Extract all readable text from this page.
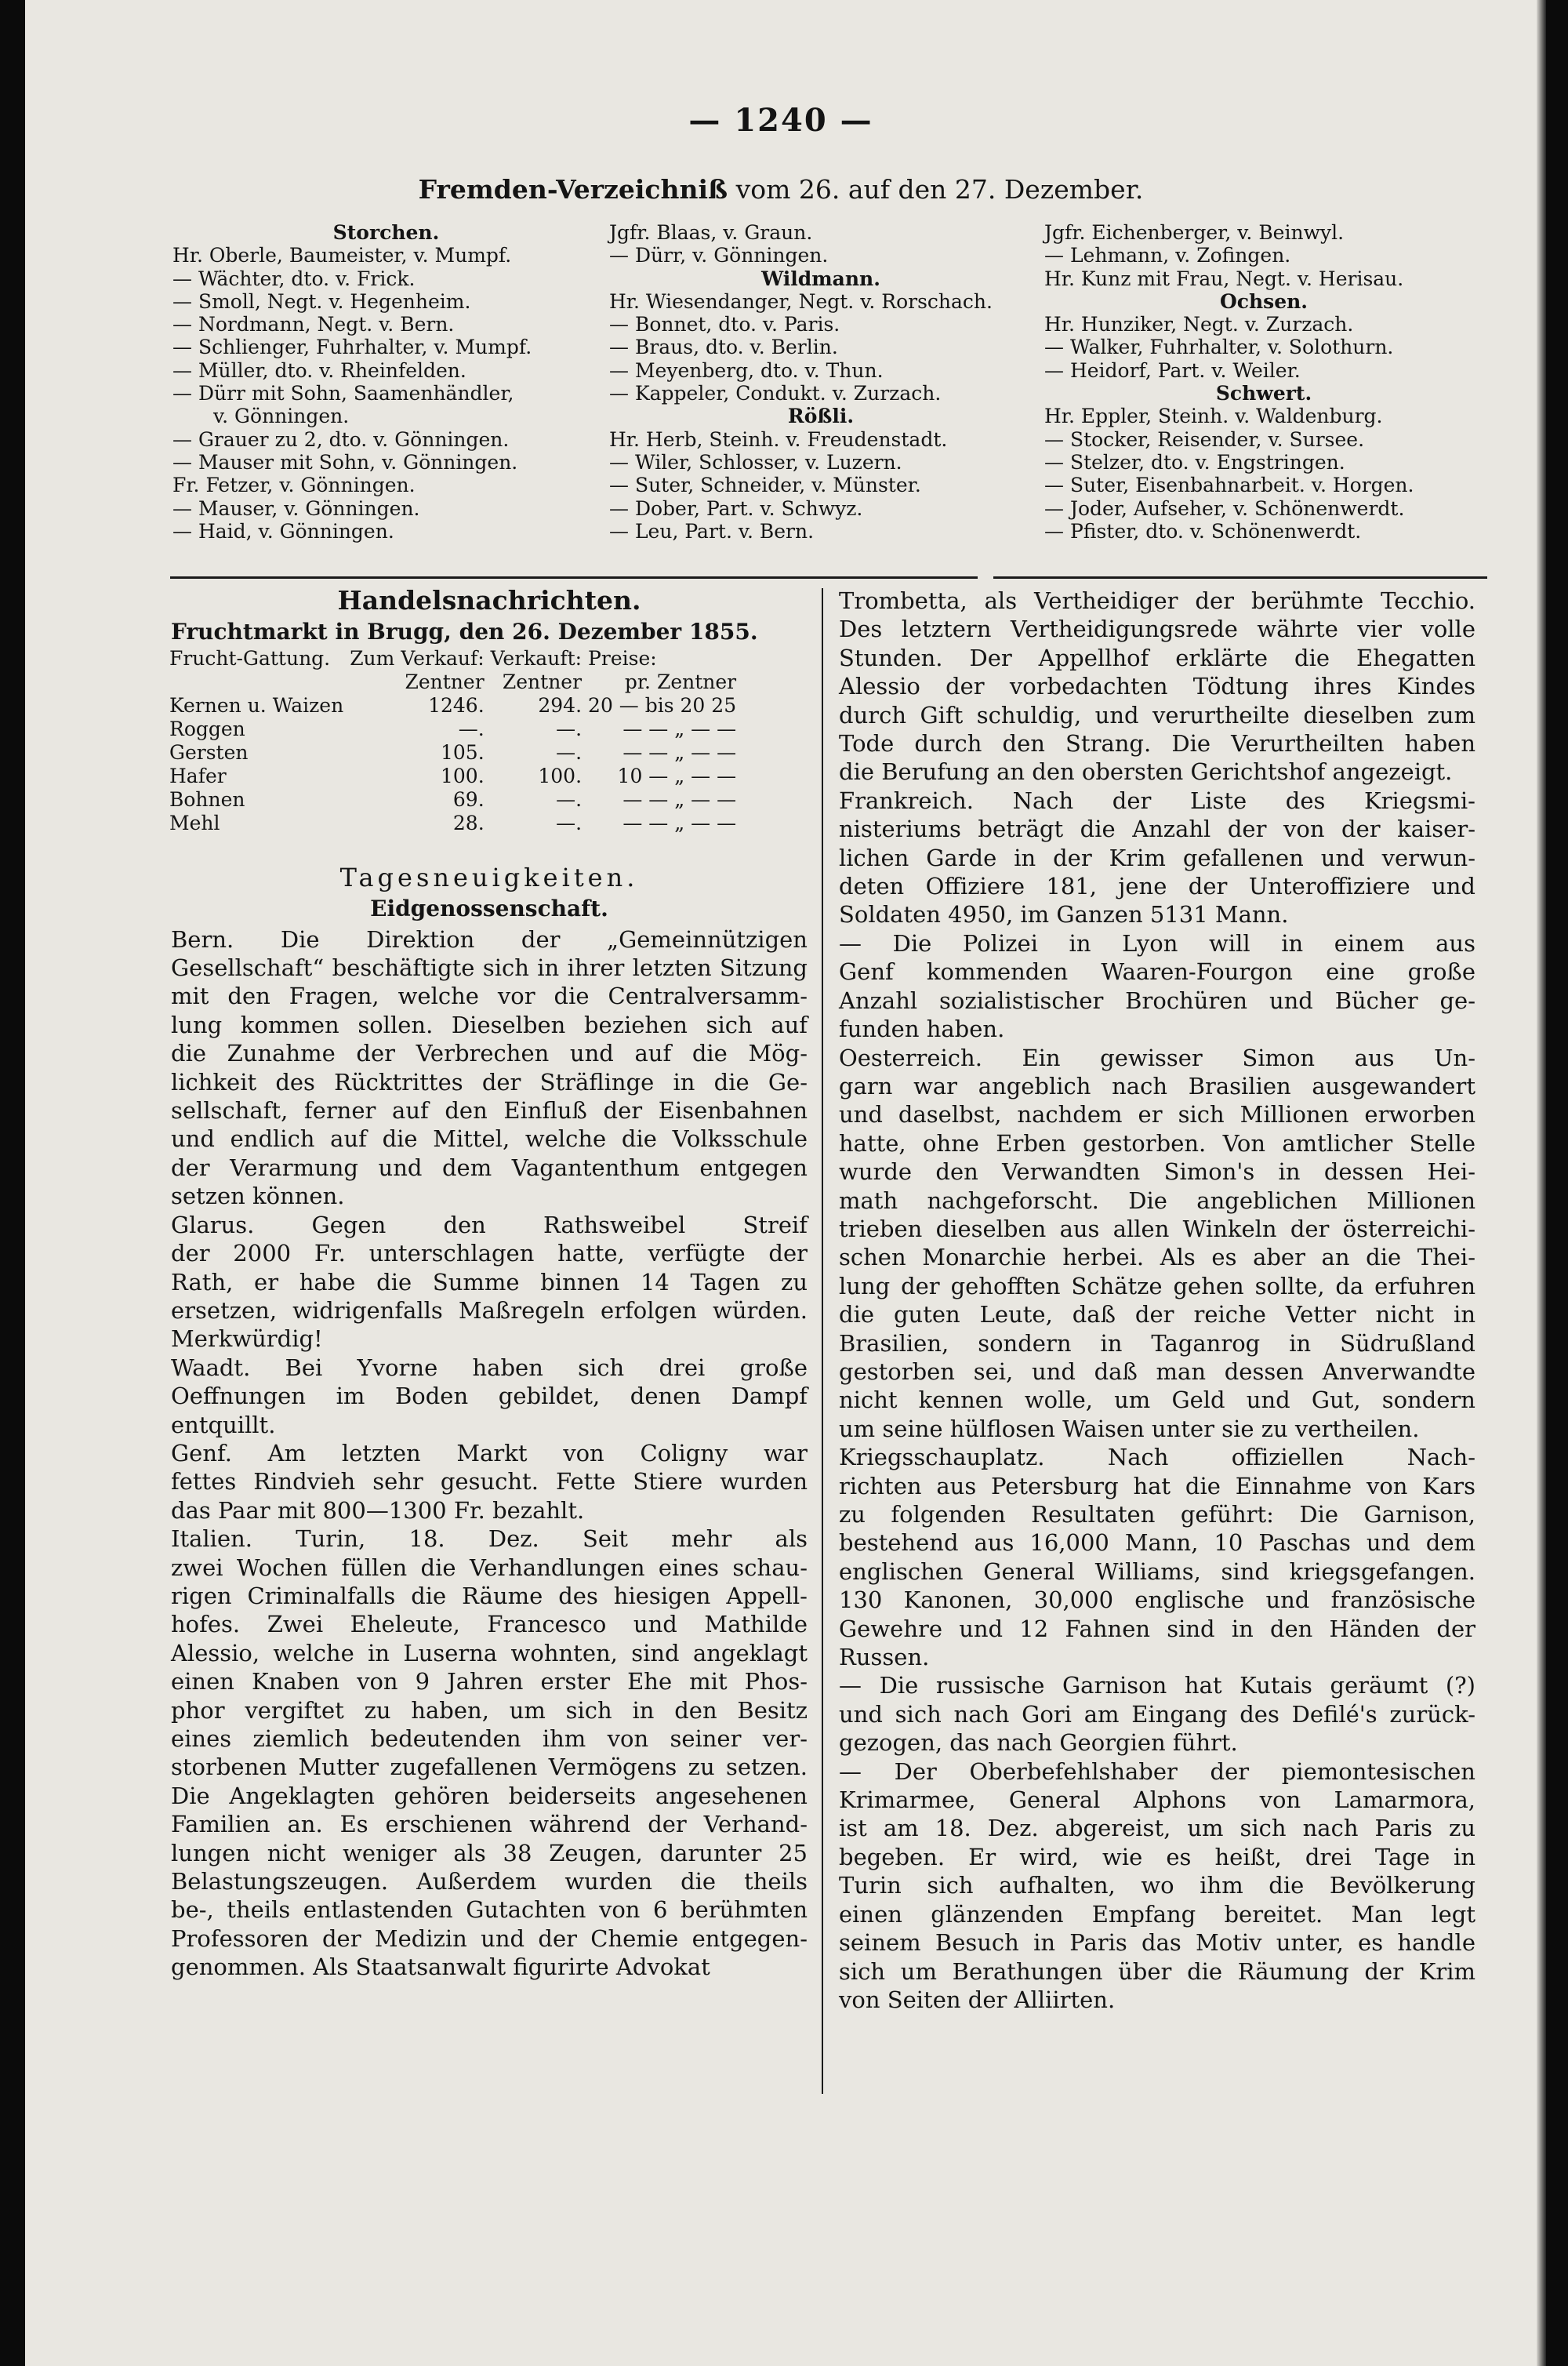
— 1240 —
Fremden-Verzeichniß vom 26. auf den 27. Dezember.
Storchen.
Hr. Oberle, Baumeister, v. Mumpf.
— Wächter, dto. v. Frick.
— Smoll, Negt. v. Hegenheim.
— Nordmann, Negt. v. Bern.
— Schlienger, Fuhrhalter, v. Mumpf.
— Müller, dto. v. Rheinfelden.
— Dürr mit Sohn, Saamenhändler,
v. Gönningen.
— Grauer zu 2, dto. v. Gönningen.
— Mauser mit Sohn, v. Gönningen.
Fr. Fetzer, v. Gönningen.
— Mauser, v. Gönningen.
— Haid, v. Gönningen.
Jgfr. Blaas, v. Graun.
— Dürr, v. Gönningen.
Wildmann.
Hr. Wiesendanger, Negt. v. Rorschach.
— Bonnet, dto. v. Paris.
— Braus, dto. v. Berlin.
— Meyenberg, dto. v. Thun.
— Kappeler, Condukt. v. Zurzach.
Rößli.
Hr. Herb, Steinh. v. Freudenstadt.
— Wiler, Schlosser, v. Luzern.
— Suter, Schneider, v. Münster.
— Dober, Part. v. Schwyz.
— Leu, Part. v. Bern.
Jgfr. Eichenberger, v. Beinwyl.
— Lehmann, v. Zofingen.
Hr. Kunz mit Frau, Negt. v. Herisau.
Ochsen.
Hr. Hunziker, Negt. v. Zurzach.
— Walker, Fuhrhalter, v. Solothurn.
— Heidorf, Part. v. Weiler.
Schwert.
Hr. Eppler, Steinh. v. Waldenburg.
— Stocker, Reisender, v. Sursee.
— Stelzer, dto. v. Engstringen.
— Suter, Eisenbahnarbeit. v. Horgen.
— Joder, Aufseher, v. Schönenwerdt.
— Pfister, dto. v. Schönenwerdt.
Handelsnachrichten.
Fruchtmarkt in Brugg, den 26. Dezember 1855.
Frucht-Gattung.	Zum Verkauf:	Verkauft:	Preise:
	Zentner	Zentner	pr. Zentner
Kernen u. Waizen	1246.	294.	20 — bis 20 25
Roggen	—.	—.	— — „ — —
Gersten	105.	—.	— — „ — —
Hafer	100.	100.	10 — „ — —
Bohnen	69.	—.	— — „ — —
Mehl	28.	—.	— — „ — —
Tagesneuigkeiten.
Eidgenossenschaft.
Bern. Die Direktion der „Gemeinnützigen
Gesellschaft“ beschäftigte sich in ihrer letzten Sitzung
mit den Fragen, welche vor die Centralversamm-
lung kommen sollen. Dieselben beziehen sich auf
die Zunahme der Verbrechen und auf die Mög-
lichkeit des Rücktrittes der Sträflinge in die Ge-
sellschaft, ferner auf den Einfluß der Eisenbahnen
und endlich auf die Mittel, welche die Volksschule
der Verarmung und dem Vagantenthum entgegen
setzen können.
Glarus. Gegen den Rathsweibel Streif
der 2000 Fr. unterschlagen hatte, verfügte der
Rath, er habe die Summe binnen 14 Tagen zu
ersetzen, widrigenfalls Maßregeln erfolgen würden.
Merkwürdig!
Waadt. Bei Yvorne haben sich drei große
Oeffnungen im Boden gebildet, denen Dampf
entquillt.
Genf. Am letzten Markt von Coligny war
fettes Rindvieh sehr gesucht. Fette Stiere wurden
das Paar mit 800—1300 Fr. bezahlt.
Italien. Turin, 18. Dez. Seit mehr als
zwei Wochen füllen die Verhandlungen eines schau-
rigen Criminalfalls die Räume des hiesigen Appell-
hofes. Zwei Eheleute, Francesco und Mathilde
Alessio, welche in Luserna wohnten, sind angeklagt
einen Knaben von 9 Jahren erster Ehe mit Phos-
phor vergiftet zu haben, um sich in den Besitz
eines ziemlich bedeutenden ihm von seiner ver-
storbenen Mutter zugefallenen Vermögens zu setzen.
Die Angeklagten gehören beiderseits angesehenen
Familien an. Es erschienen während der Verhand-
lungen nicht weniger als 38 Zeugen, darunter 25
Belastungszeugen. Außerdem wurden die theils
be-, theils entlastenden Gutachten von 6 berühmten
Professoren der Medizin und der Chemie entgegen-
genommen. Als Staatsanwalt figurirte Advokat
Trombetta, als Vertheidiger der berühmte Tecchio.
Des letztern Vertheidigungsrede währte vier volle
Stunden. Der Appellhof erklärte die Ehegatten
Alessio der vorbedachten Tödtung ihres Kindes
durch Gift schuldig, und verurtheilte dieselben zum
Tode durch den Strang. Die Verurtheilten haben
die Berufung an den obersten Gerichtshof angezeigt.
Frankreich. Nach der Liste des Kriegsmi-
nisteriums beträgt die Anzahl der von der kaiser-
lichen Garde in der Krim gefallenen und verwun-
deten Offiziere 181, jene der Unteroffiziere und
Soldaten 4950, im Ganzen 5131 Mann.
— Die Polizei in Lyon will in einem aus
Genf kommenden Waaren-Fourgon eine große
Anzahl sozialistischer Brochüren und Bücher ge-
funden haben.
Oesterreich. Ein gewisser Simon aus Un-
garn war angeblich nach Brasilien ausgewandert
und daselbst, nachdem er sich Millionen erworben
hatte, ohne Erben gestorben. Von amtlicher Stelle
wurde den Verwandten Simon's in dessen Hei-
math nachgeforscht. Die angeblichen Millionen
trieben dieselben aus allen Winkeln der österreichi-
schen Monarchie herbei. Als es aber an die Thei-
lung der gehofften Schätze gehen sollte, da erfuhren
die guten Leute, daß der reiche Vetter nicht in
Brasilien, sondern in Taganrog in Südrußland
gestorben sei, und daß man dessen Anverwandte
nicht kennen wolle, um Geld und Gut, sondern
um seine hülflosen Waisen unter sie zu vertheilen.
Kriegsschauplatz. Nach offiziellen Nach-
richten aus Petersburg hat die Einnahme von Kars
zu folgenden Resultaten geführt: Die Garnison,
bestehend aus 16,000 Mann, 10 Paschas und dem
englischen General Williams, sind kriegsgefangen.
130 Kanonen, 30,000 englische und französische
Gewehre und 12 Fahnen sind in den Händen der
Russen.
— Die russische Garnison hat Kutais geräumt (?)
und sich nach Gori am Eingang des Defilé's zurück-
gezogen, das nach Georgien führt.
— Der Oberbefehlshaber der piemontesischen
Krimarmee, General Alphons von Lamarmora,
ist am 18. Dez. abgereist, um sich nach Paris zu
begeben. Er wird, wie es heißt, drei Tage in
Turin sich aufhalten, wo ihm die Bevölkerung
einen glänzenden Empfang bereitet. Man legt
seinem Besuch in Paris das Motiv unter, es handle
sich um Berathungen über die Räumung der Krim
von Seiten der Alliirten.
